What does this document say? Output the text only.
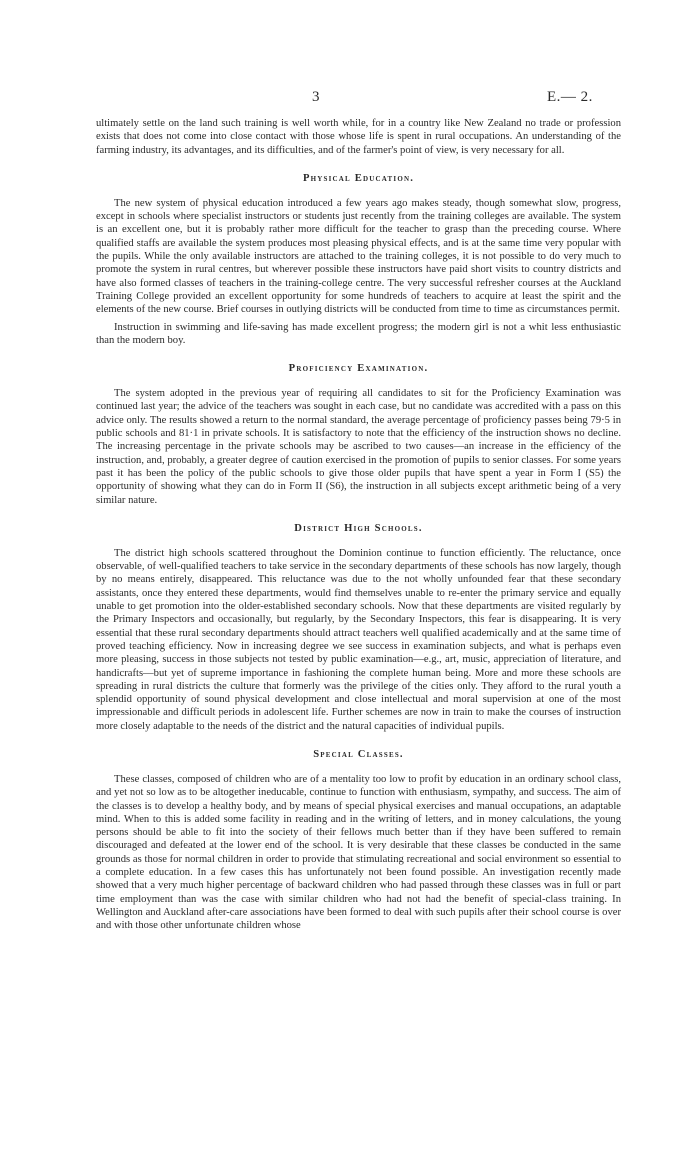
3	E.— 2.

ultimately settle on the land such training is well worth while, for in a country like New Zealand no trade or profession exists that does not come into close contact with those whose life is spent in rural occupations. An understanding of the farming industry, its advantages, and its difficulties, and of the farmer's point of view, is very necessary for all.

Physical Education.

The new system of physical education introduced a few years ago makes steady, though somewhat slow, progress, except in schools where specialist instructors or students just recently from the training colleges are available. The system is an excellent one, but it is probably rather more difficult for the teacher to grasp than the preceding course. Where qualified staffs are available the system produces most pleasing physical effects, and is at the same time very popular with the pupils. While the only available instructors are attached to the training colleges, it is not possible to do very much to promote the system in rural centres, but wherever possible these instructors have paid short visits to country districts and have also formed classes of teachers in the training-college centre. The very successful refresher courses at the Auckland Training College provided an excellent opportunity for some hundreds of teachers to acquire at least the spirit and the elements of the new course. Brief courses in outlying districts will be conducted from time to time as circumstances permit.

Instruction in swimming and life-saving has made excellent progress; the modern girl is not a whit less enthusiastic than the modern boy.

Proficiency Examination.

The system adopted in the previous year of requiring all candidates to sit for the Proficiency Examination was continued last year; the advice of the teachers was sought in each case, but no candidate was accredited with a pass on this advice only. The results showed a return to the normal standard, the average percentage of proficiency passes being 79·5 in public schools and 81·1 in private schools. It is satisfactory to note that the efficiency of the instruction shows no decline. The increasing percentage in the private schools may be ascribed to two causes—an increase in the efficiency of the instruction, and, probably, a greater degree of caution exercised in the promotion of pupils to senior classes. For some years past it has been the policy of the public schools to give those older pupils that have spent a year in Form I (S5) the opportunity of showing what they can do in Form II (S6), the instruction in all subjects except arithmetic being of a very similar nature.

District High Schools.

The district high schools scattered throughout the Dominion continue to function efficiently. The reluctance, once observable, of well-qualified teachers to take service in the secondary departments of these schools has now largely, though by no means entirely, disappeared. This reluctance was due to the not wholly unfounded fear that these secondary assistants, once they entered these departments, would find themselves unable to re-enter the primary service and equally unable to get promotion into the older-established secondary schools. Now that these departments are visited regularly by the Primary Inspectors and occasionally, but regularly, by the Secondary Inspectors, this fear is disappearing. It is very essential that these rural secondary departments should attract teachers well qualified academically and at the same time of proved teaching efficiency. Now in increasing degree we see success in examination subjects, and what is perhaps even more pleasing, success in those subjects not tested by public examination—e.g., art, music, appreciation of literature, and handicrafts—but yet of supreme importance in fashioning the complete human being. More and more these schools are spreading in rural districts the culture that formerly was the privilege of the cities only. They afford to the rural youth a splendid opportunity of sound physical development and close intellectual and moral supervision at one of the most impressionable and difficult periods in adolescent life. Further schemes are now in train to make the courses of instruction more closely adaptable to the needs of the district and the natural capacities of individual pupils.

Special Classes.

These classes, composed of children who are of a mentality too low to profit by education in an ordinary school class, and yet not so low as to be altogether ineducable, continue to function with enthusiasm, sympathy, and success. The aim of the classes is to develop a healthy body, and by means of special physical exercises and manual occupations, an adaptable mind. When to this is added some facility in reading and in the writing of letters, and in money calculations, the young persons should be able to fit into the society of their fellows much better than if they have been suffered to remain discouraged and defeated at the lower end of the school. It is very desirable that these classes be conducted in the same grounds as those for normal children in order to provide that stimulating recreational and social environment so essential to a complete education. In a few cases this has unfortunately not been found possible. An investigation recently made showed that a very much higher percentage of backward children who had passed through these classes was in full or part time employment than was the case with similar children who had not had the benefit of special-class training. In Wellington and Auckland after-care associations have been formed to deal with such pupils after their school course is over and with those other unfortunate children whose
